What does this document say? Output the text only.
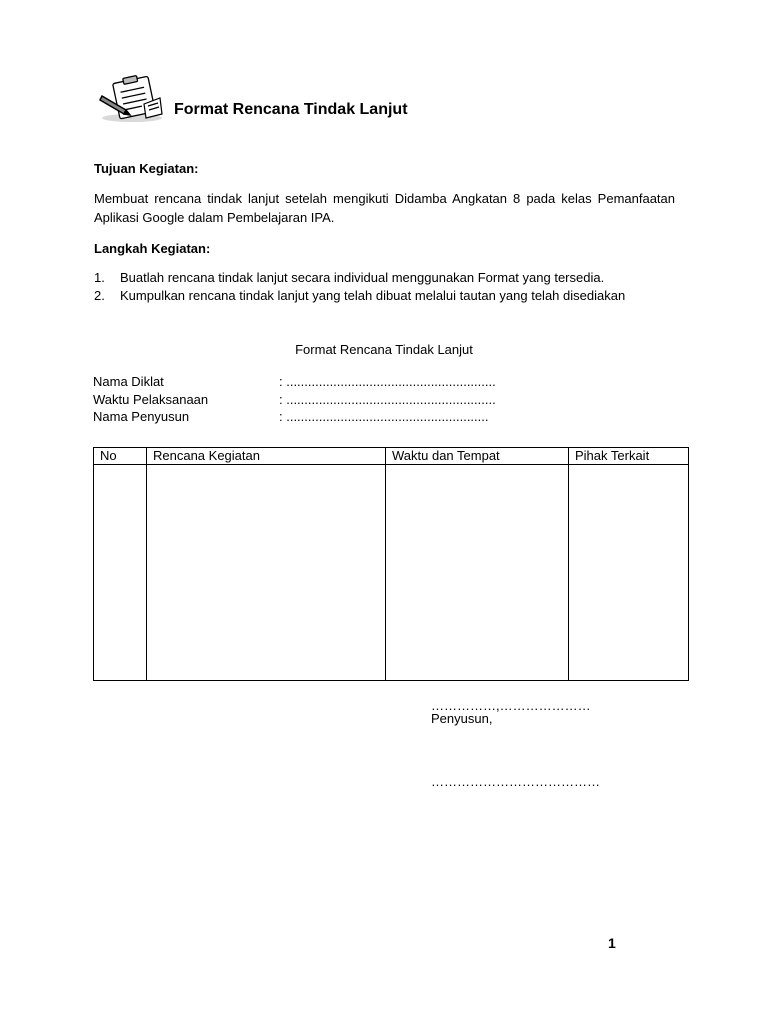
Format Rencana Tindak Lanjut
Tujuan Kegiatan:
Membuat rencana tindak lanjut setelah mengikuti Didamba Angkatan 8 pada kelas Pemanfaatan Aplikasi Google dalam Pembelajaran IPA.
Langkah Kegiatan:
1.	Buatlah rencana tindak lanjut secara individual menggunakan Format yang tersedia.
2.	Kumpulkan rencana tindak lanjut yang telah dibuat melalui tautan yang telah disediakan
Format Rencana Tindak Lanjut
Nama Diklat	: ..........................................................
Waktu Pelaksanaan	: ..........................................................
Nama Penyusun	: ........................................................
No	Rencana Kegiatan	Waktu dan Tempat	Pihak Terkait

……………,…………………
Penyusun,
…………………………………
1
